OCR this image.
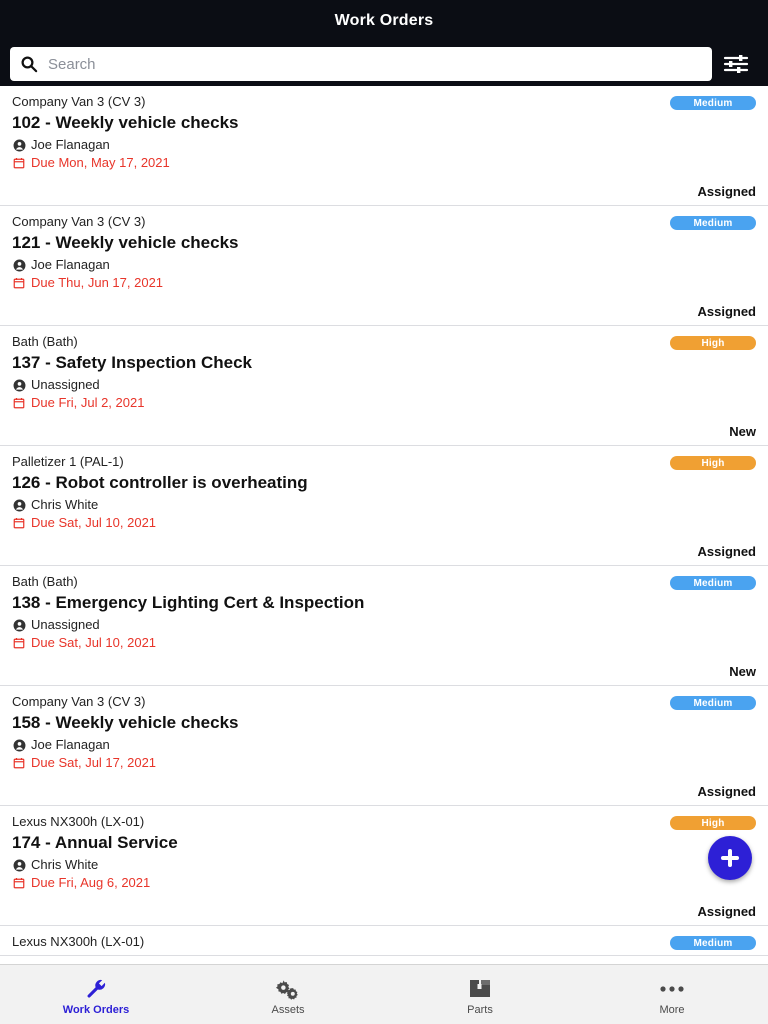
Work Orders
Search
Medium
Company Van 3 (CV 3)
102 - Weekly vehicle checks
Joe Flanagan
Due Mon, May 17, 2021
Assigned
Medium
Company Van 3 (CV 3)
121 - Weekly vehicle checks
Joe Flanagan
Due Thu, Jun 17, 2021
Assigned
High
Bath (Bath)
137 - Safety Inspection Check
Unassigned
Due Fri, Jul 2, 2021
New
High
Palletizer 1 (PAL-1)
126 - Robot controller is overheating
Chris White
Due Sat, Jul 10, 2021
Assigned
Medium
Bath (Bath)
138 - Emergency Lighting Cert & Inspection
Unassigned
Due Sat, Jul 10, 2021
New
Medium
Company Van 3 (CV 3)
158 - Weekly vehicle checks
Joe Flanagan
Due Sat, Jul 17, 2021
Assigned
High
Lexus NX300h (LX-01)
174 - Annual Service
Chris White
Due Fri, Aug 6, 2021
Assigned
Medium
Lexus NX300h (LX-01)
Work Orders	Assets	Parts	More
